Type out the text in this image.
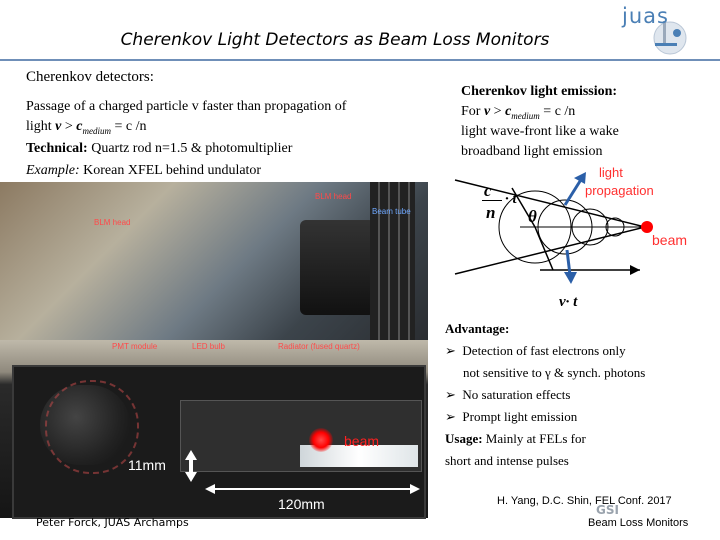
Cherenkov Light Detectors as Beam Loss Monitors
juas
Cherenkov detectors:
Passage of a charged particle v faster than propagation of
light $v > c_{medium} = c$ /n
Technical: Quartz rod n=1.5 & photomultiplier
Example: Korean XFEL behind undulator
BLM head
BLM head
Beam tube
PMT module	LED bulb	Radiator (fused quartz)
beam
11mm
120mm
Peter Forck, JUAS Archamps
Cherenkov light emission:
For $v > c_{medium} = c$ /n
light wave-front like a wake
broadband light emission
c
n
· t
θ
light
propagation
beam
v· t
Advantage:
➢  Detection of fast electrons only
not sensitive to γ & synch. photons
➢  No saturation effects
➢  Prompt light emission
Usage: Mainly at FELs for
short and intense pulses
H. Yang, D.C. Shin, FEL Conf. 2017
GSI
Beam Loss Monitors
